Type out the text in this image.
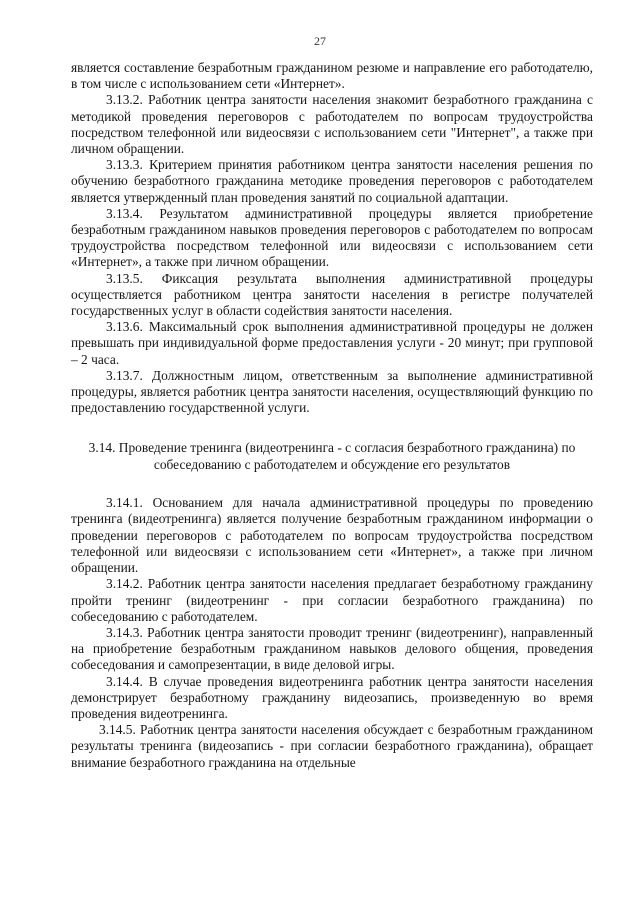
27

является составление безработным гражданином резюме и направление его работодателю, в том числе с использованием сети «Интернет».

3.13.2. Работник центра занятости населения знакомит безработного гражданина с методикой проведения переговоров с работодателем по вопросам трудоустройства посредством телефонной или видеосвязи с использованием сети "Интернет", а также при личном обращении.

3.13.3. Критерием принятия работником центра занятости населения решения по обучению безработного гражданина методике проведения переговоров с работодателем является утвержденный план проведения занятий по социальной адаптации.

3.13.4. Результатом административной процедуры является приобретение безработным гражданином навыков проведения переговоров с работодателем по вопросам трудоустройства посредством телефонной или видеосвязи с использованием сети «Интернет», а также при личном обращении.

3.13.5. Фиксация результата выполнения административной процедуры осуществляется работником центра занятости населения в регистре получателей государственных услуг в области содействия занятости населения.

3.13.6. Максимальный срок выполнения административной процедуры не должен превышать при индивидуальной форме предоставления услуги - 20 минут; при групповой – 2 часа.

3.13.7. Должностным лицом, ответственным за выполнение административной процедуры, является работник центра занятости населения, осуществляющий функцию по предоставлению государственной услуги.

3.14. Проведение тренинга (видеотренинга - с согласия безработного гражданина) по собеседованию с работодателем и обсуждение его результатов

3.14.1. Основанием для начала административной процедуры по проведению тренинга (видеотренинга) является получение безработным гражданином информации о проведении переговоров с работодателем по вопросам трудоустройства посредством телефонной или видеосвязи с использованием сети «Интернет», а также при личном обращении.

3.14.2. Работник центра занятости населения предлагает безработному гражданину пройти тренинг (видеотренинг - при согласии безработного гражданина) по собеседованию с работодателем.

3.14.3. Работник центра занятости проводит тренинг (видеотренинг), направленный на приобретение безработным гражданином навыков делового общения, проведения собеседования и самопрезентации, в виде деловой игры.

3.14.4. В случае проведения видеотренинга работник центра занятости населения демонстрирует безработному гражданину видеозапись, произведенную во время проведения видеотренинга.

3.14.5. Работник центра занятости населения обсуждает с безработным гражданином результаты тренинга (видеозапись - при согласии безработного гражданина), обращает внимание безработного гражданина на отдельные
